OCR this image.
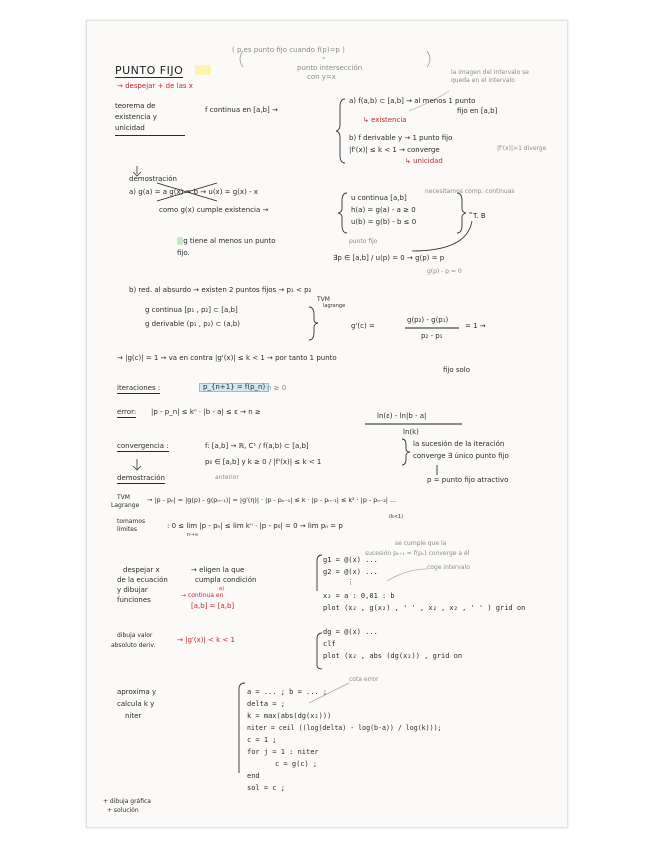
PUNTO FIJO
( p es punto fijo cuando f(p)=p )
"
punto intersección
con y=x
→ despejar + de las x
teorema de existencia y unicidad
f continua en [a,b] →
a) f(a,b) ⊂ [a,b] → al menos 1 punto
fijo en [a,b]
↳ existencia
la imagen del intervalo se queda en el intervalo
b) f derivable y → 1 punto fijo
|f'(x)| ≤ k < 1 → converge	|f'(x)|>1 diverge
↳ unicidad
demostración
a) g(a) = a g(x) = b → u(x) = g(x) - x	necesitamos comp. continuas
como g(x) cumple existencia →
u continua [a,b]
h(a) = g(a) - a ≥ 0
u(b) = g(b) - b ≤ 0
T. B
g tiene al menos un punto fijo.
punto fijo
∃p ∈ [a,b] / u(p) = 0 → g(p) = p
g(p) - p = 0
b) red. al absurdo → existen 2 puntos fijos → p₁ < p₂
g continua [p₁ , p₂] ⊂ [a,b]
g derivable (p₁ , p₂) ⊂ (a,b)
TVM
lagrange
g'(c) =
g(p₂) - g(p₁)
p₂ - p₁
= 1 →
→ |g(c)| = 1 → va en contra |g'(x)| ≤ k < 1 → por tanto 1 punto
fijo solo
iteraciones :	p_{n+1} = f(p_n) n ≥ 0
error: |p - p_n| ≤ kⁿ · |b - a| ≤ ε → n ≥	ln(ε) - ln|b - a|
ln(k)
convergencia :	f: [a,b] → ℝ, C¹ / f(a,b) ⊂ [a,b]	la sucesión de la iteración
p₀ ∈ [a,b] y k ≥ 0 / |f'(x)| ≤ k < 1
converge ∃ único punto fijo
demostración	anterior	p = punto fijo atractivo
TVM
Lagrange
→ |p - pₙ| = |g(p) - g(pₙ₋₁)| = |g'(η)| · |p - pₙ₋₁| ≤ k · |p - pₙ₋₁| ≤ k² · |p - pₙ₋₂| ...
tomamos
límites	: 0 ≤ lim |p - pₙ| ≤ lim kⁿ · |p - p₀| = 0 → lim pₙ = p
n→∞
(k<1)
se cumple que la
sucesión pₙ₊₁ = f(pₙ) converge a él
despejar x
de la ecuación
y dibujar
funciones
→ eligen la que
cumpla condición
→ continua en
a)
[a,b] = [a,b]
g1 = @(x) ...
g2 = @(x) ...
⋮
x₂ = a : 0,01 : b
plot (x₂ , g(x₂) , ' ' , x₂ , x₂ , ' ' ) grid on
coge intervalo
dibuja valor
absoluto deriv.
→ |g'(x)| < k < 1
dg = @(x) ...
clf
plot (x₂ , abs (dg(x₂)) , grid on
aproxima y
calcula k y
niter
a = ... ; b = ... ;
delta = ;
k = max(abs(dg(x₂)))
niter = ceil ((log(delta) - log(b-a)) / log(k)));
c = 1 ;
for j = 1 : niter
c = g(c) ;
end
sol = c ;
cota error
+ dibuja gráfica
+ solución
